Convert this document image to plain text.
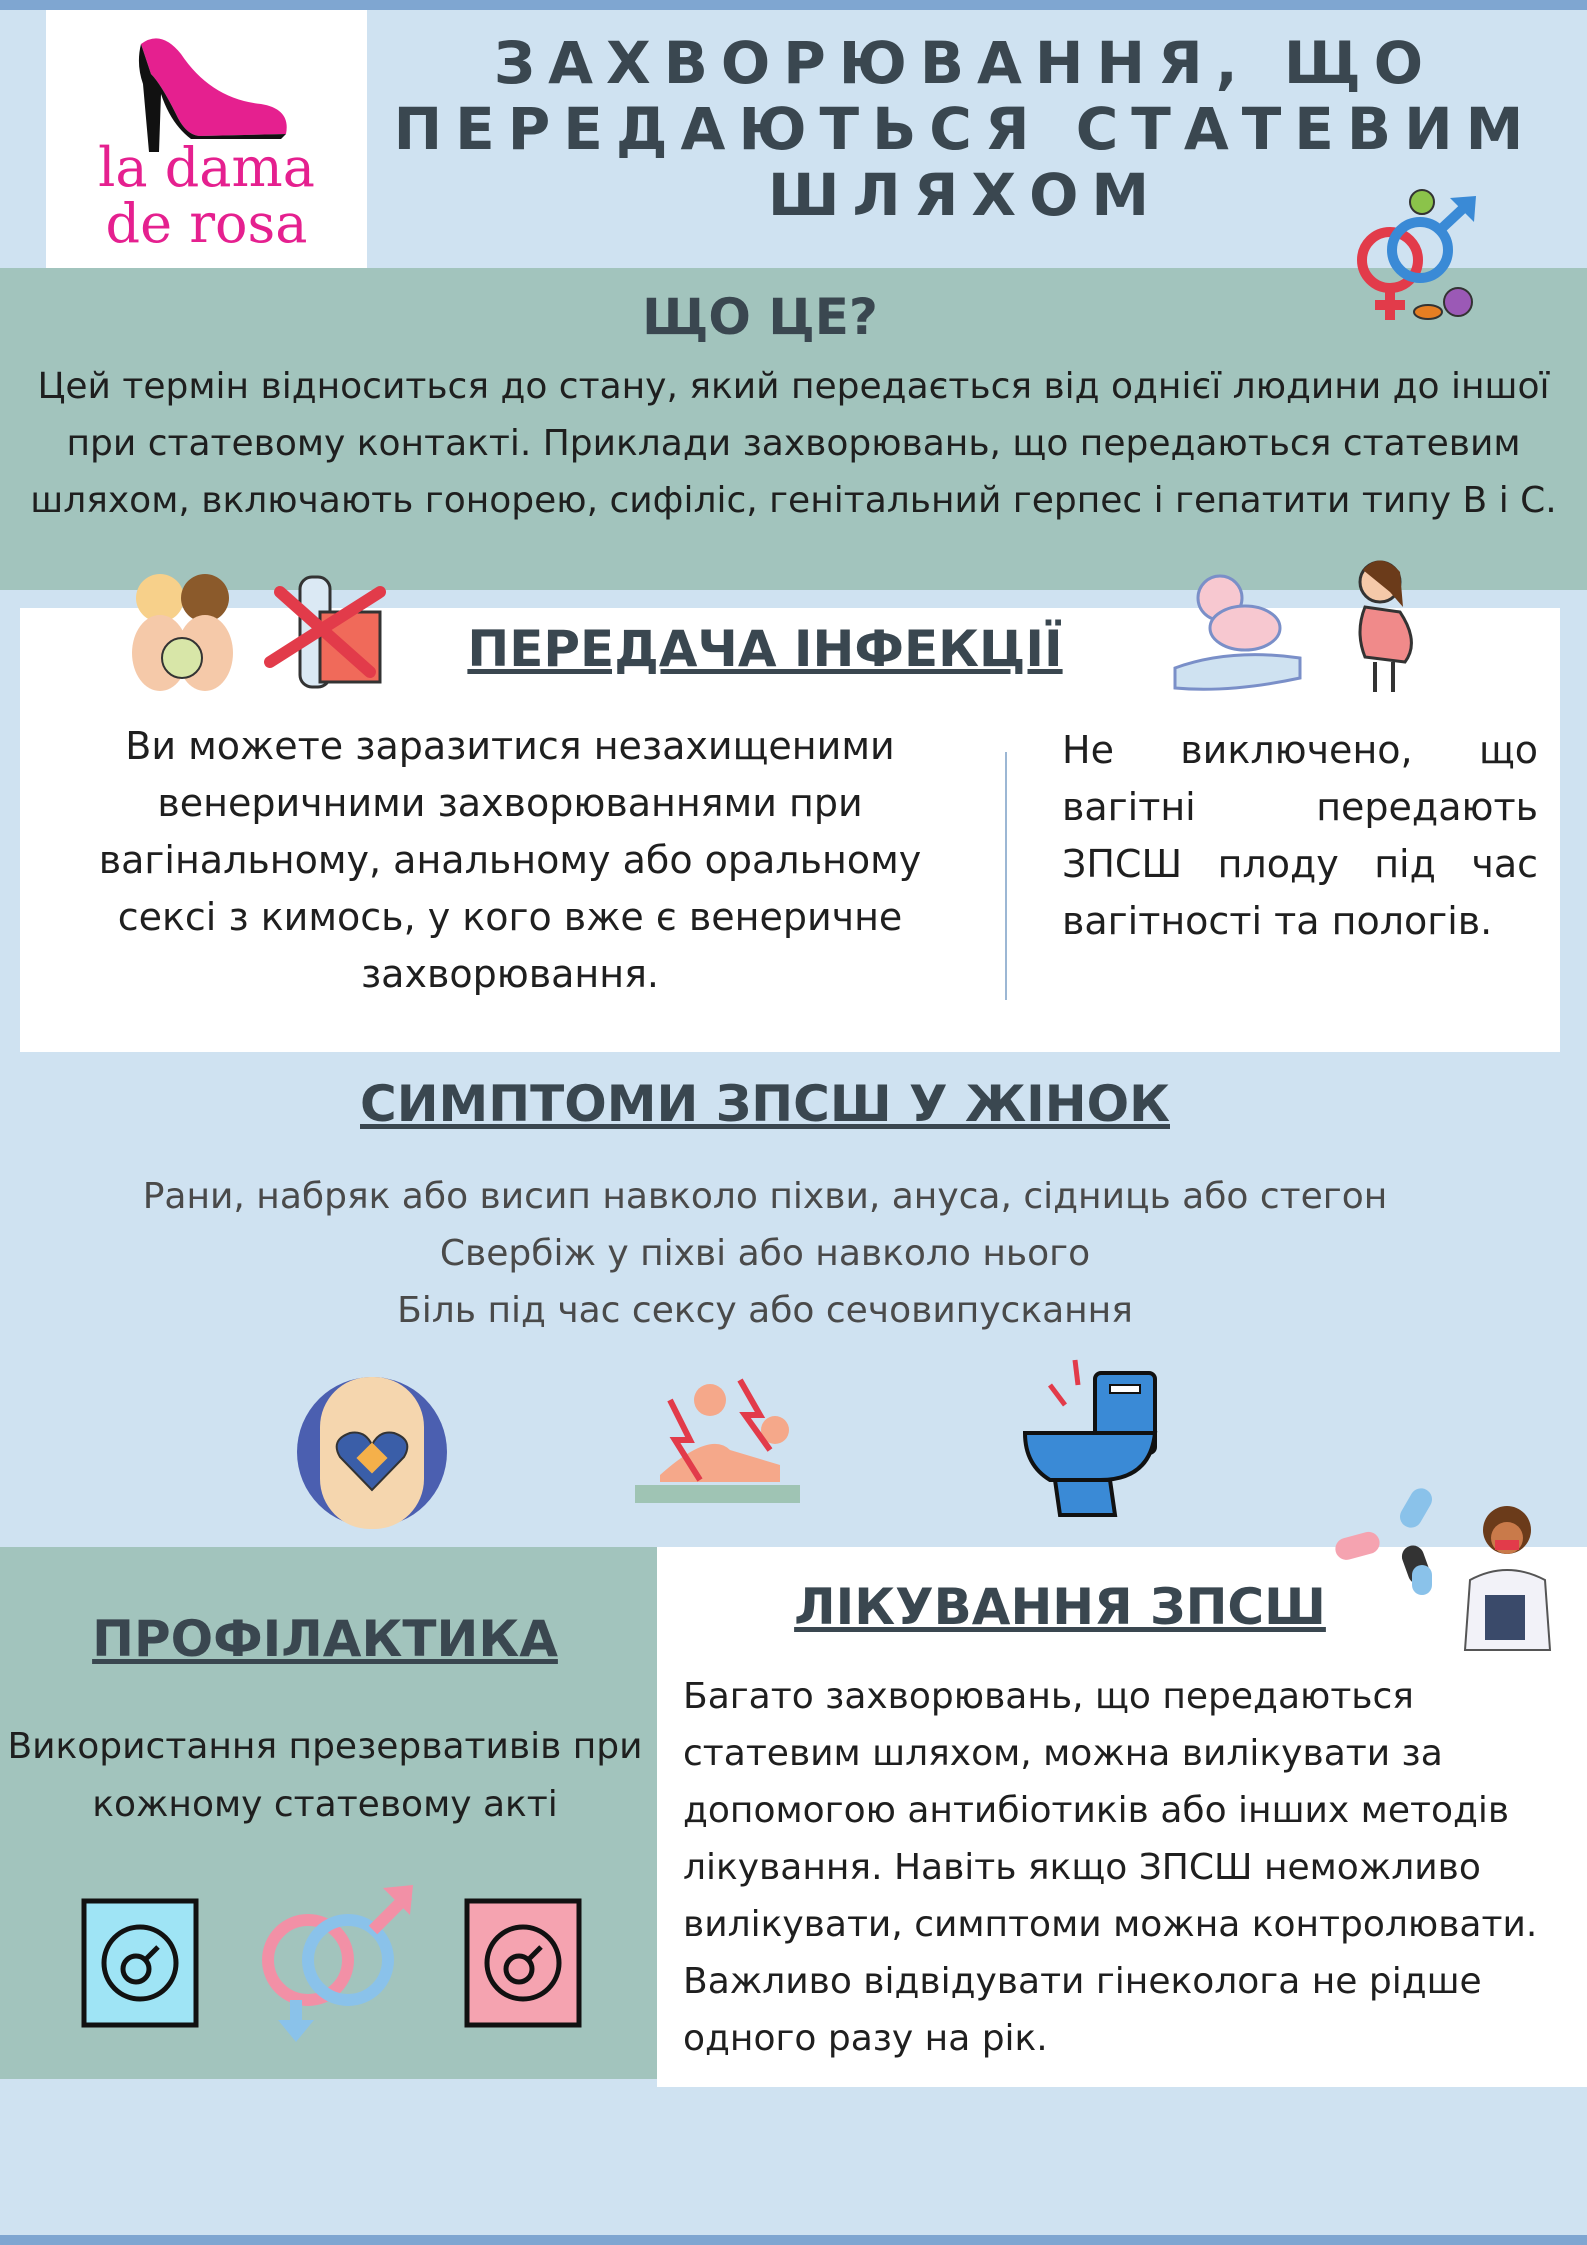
la dama
de rosa
ЗАХВОРЮВАННЯ, ЩО
ПЕРЕДАЮТЬСЯ СТАТЕВИМ
ШЛЯХОМ
ЩО ЦЕ?
Цей термін відноситься до стану, який передається від однієї людини до іншої при статевому контакті. Приклади захворювань, що передаються статевим шляхом, включають гонорею, сифіліс, генітальний герпес і гепатити типу В і С.
ПЕРЕДАЧА ІНФЕКЦІЇ
Ви можете заразитися незахищеними венеричними захворюваннями при вагінальному, анальному або оральному сексі з кимось, у кого вже є венеричне захворювання.
Не виключено, що вагітні передають ЗПСШ плоду під час вагітності та пологів.
СИМПТОМИ ЗПСШ У ЖІНОК
Рани, набряк або висип навколо піхви, ануса, сідниць або стегон
Свербіж у піхві або навколо нього
Біль під час сексу або сечовипускання
ПРОФІЛАКТИКА
Використання презервативів при кожному статевому акті
ЛІКУВАННЯ ЗПСШ
Багато захворювань, що передаються статевим шляхом, можна вилікувати за допомогою антибіотиків або інших методів лікування. Навіть якщо ЗПСШ неможливо вилікувати, симптоми можна контролювати. Важливо відвідувати гінеколога не рідше одного разу на рік.
